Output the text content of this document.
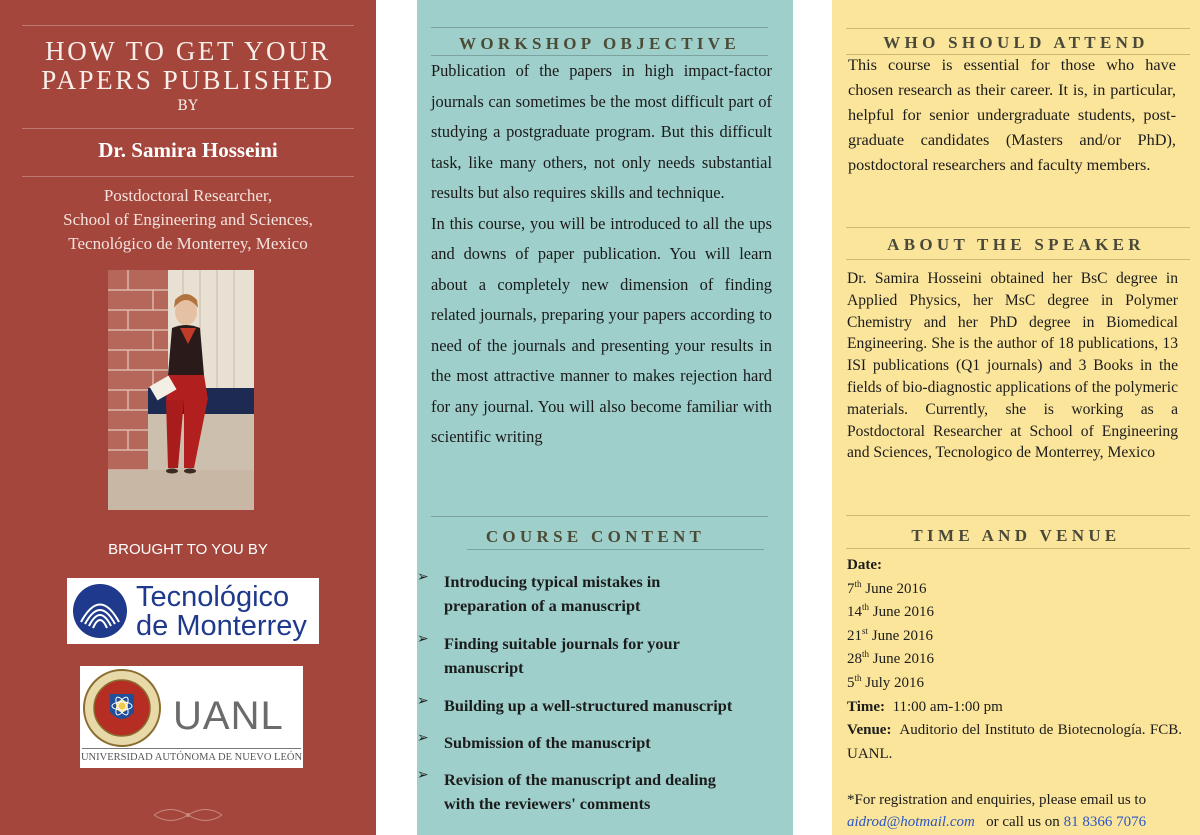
HOW TO GET YOUR
PAPERS PUBLISHED
BY
Dr. Samira Hosseini
Postdoctoral Researcher,
School of Engineering and Sciences,
Tecnológico de Monterrey, Mexico
BROUGHT TO YOU BY
Tecnológico
de Monterrey
UANL
UNIVERSIDAD AUTÓNOMA DE NUEVO LEÓN
WORKSHOP OBJECTIVE

Publication of the papers in high impact-factor journals can sometimes be the most difficult part of studying a postgraduate program. But this difficult task, like many others, not only needs substantial results but also requires skills and technique.

In this course, you will be introduced to all the ups and downs of paper publication. You will learn about a completely new dimension of finding related journals, preparing your papers according to need of the journals and presenting your results in the most attractive manner to makes rejection hard for any journal. You will also become familiar with scientific writing

COURSE CONTENT
➢ Introducing typical mistakes in
preparation of a manuscript
➢ Finding suitable journals for your
manuscript
➢ Building up a well-structured manuscript
➢ Submission of the manuscript
➢ Revision of the manuscript and dealing
with the reviewers' comments
WHO SHOULD ATTEND
This course is essential for those who have chosen research as their career. It is, in particular, helpful for senior undergraduate students, post-graduate candidates (Masters and/or PhD), postdoctoral researchers and faculty members.
ABOUT THE SPEAKER
Dr. Samira Hosseini obtained her BsC degree in Applied Physics, her MsC degree in Polymer Chemistry and her PhD degree in Biomedical Engineering. She is the author of 18 publications, 13 ISI publications (Q1 journals) and 3 Books in the fields of bio-diagnostic applications of the polymeric materials. Currently, she is working as a Postdoctoral Researcher at School of Engineering and Sciences, Tecnologico de Monterrey, Mexico
TIME AND VENUE
Date:
7th June 2016
14th June 2016
21st June 2016
28th June 2016
5th July 2016
Time: 11:00 am-1:00 pm
Venue: Auditorio del Instituto de Biotecnología. FCB. UANL.
*For registration and enquiries, please email us to
aidrod@hotmail.com or call us on 81 8366 7076
